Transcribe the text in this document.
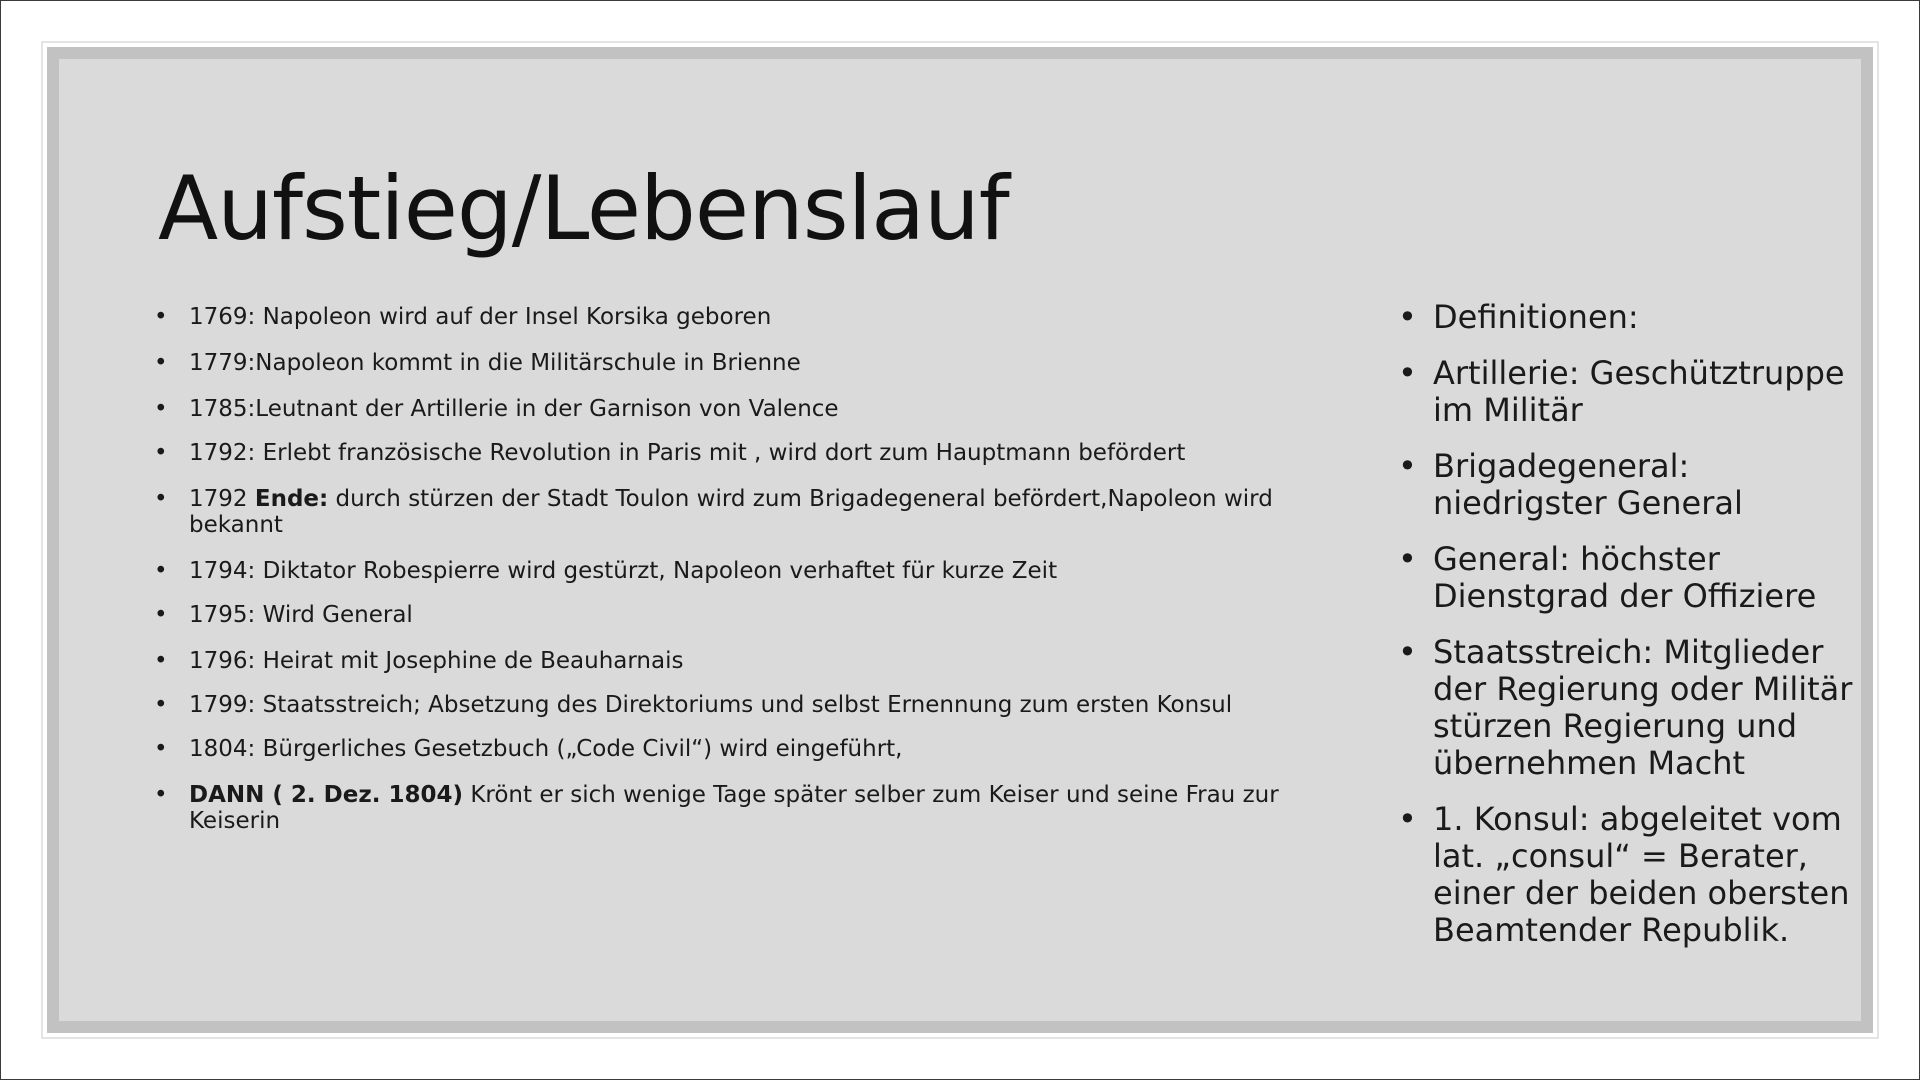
Aufstieg/Lebenslauf
• 1769: Napoleon wird auf der Insel Korsika geboren
• 1779:Napoleon kommt in die Militärschule in Brienne
• 1785:Leutnant der Artillerie in der Garnison von Valence
• 1792: Erlebt französische Revolution in Paris mit , wird dort zum Hauptmann befördert
• 1792 Ende: durch stürzen der Stadt Toulon wird zum Brigadegeneral befördert,Napoleon wird bekannt
• 1794: Diktator Robespierre wird gestürzt, Napoleon verhaftet für kurze Zeit
• 1795: Wird General
• 1796: Heirat mit Josephine de Beauharnais
• 1799: Staatsstreich; Absetzung des Direktoriums und selbst Ernennung zum ersten Konsul
• 1804: Bürgerliches Gesetzbuch („Code Civil“) wird eingeführt,
• DANN ( 2. Dez. 1804) Krönt er sich wenige Tage später selber zum Keiser und seine Frau zur Keiserin
• Definitionen:
• Artillerie: Geschütztruppe im Militär
• Brigadegeneral: niedrigster General
• General: höchster Dienstgrad der Offiziere
• Staatsstreich: Mitglieder der Regierung oder Militär stürzen Regierung und übernehmen Macht
• 1. Konsul: abgeleitet vom lat. „consul“ = Berater, einer der beiden obersten Beamtender Republik.
